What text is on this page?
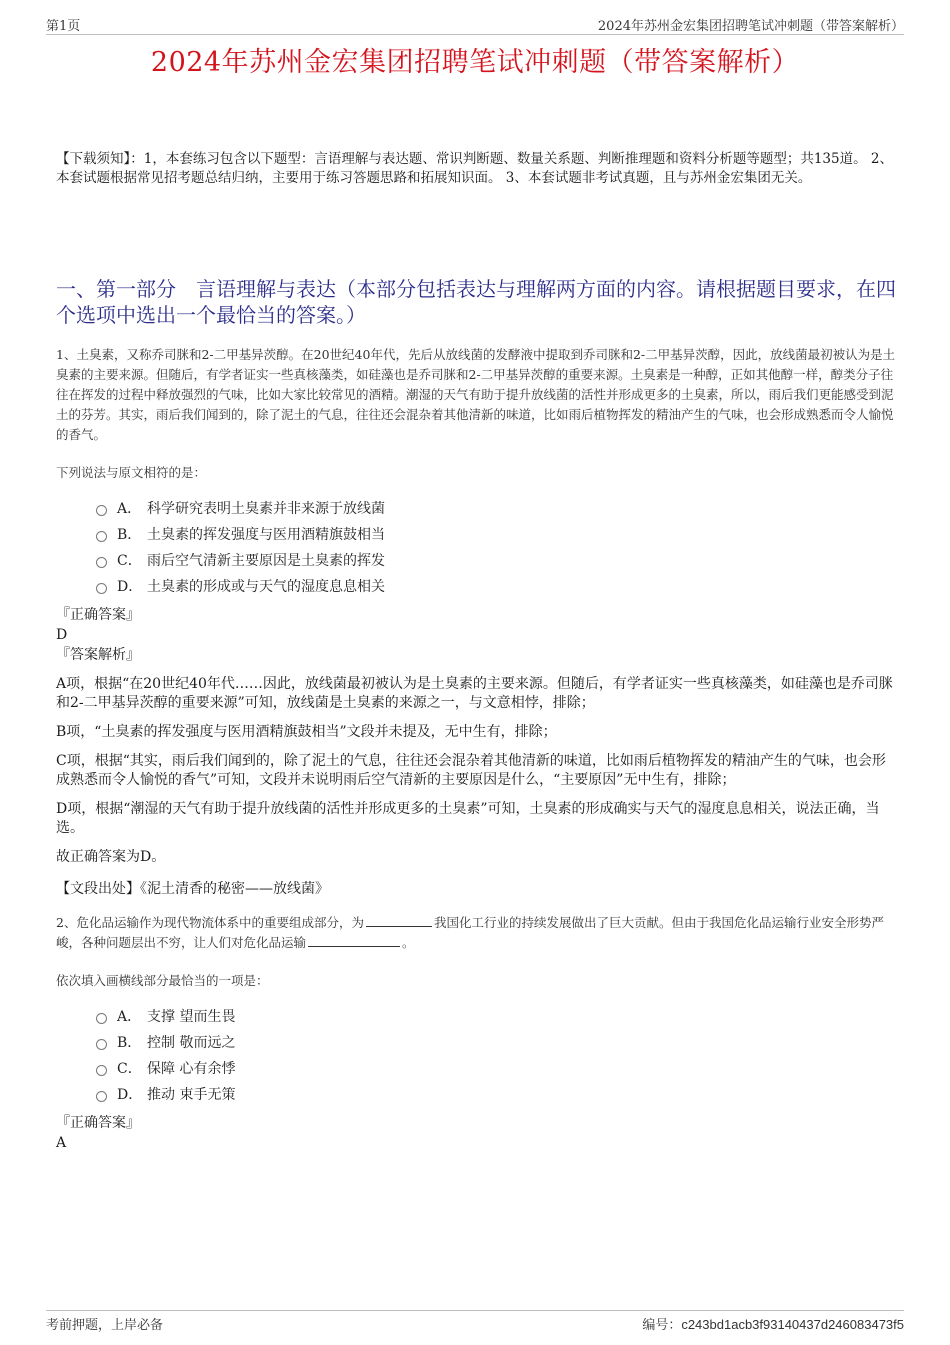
第1页	2024年苏州金宏集团招聘笔试冲刺题（带答案解析）
2024年苏州金宏集团招聘笔试冲刺题（带答案解析）
【下载须知】：1，本套练习包含以下题型：言语理解与表达题、常识判断题、数量关系题、判断推理题和资料分析题等题型；共135道。 2、本套试题根据常见招考题总结归纳，主要用于练习答题思路和拓展知识面。 3、本套试题非考试真题，且与苏州金宏集团无关。
一、第一部分　言语理解与表达（本部分包括表达与理解两方面的内容。请根据题目要求，在四个选项中选出一个最恰当的答案。）

1、土臭素，又称乔司脒和2-二甲基异茨醇。在20世纪40年代，先后从放线菌的发酵液中提取到乔司脒和2-二甲基异茨醇，因此，放线菌最初被认为是土臭素的主要来源。但随后，有学者证实一些真核藻类，如硅藻也是乔司脒和2-二甲基异茨醇的重要来源。土臭素是一种醇，正如其他醇一样，醇类分子往往在挥发的过程中释放强烈的气味，比如大家比较常见的酒精。潮湿的天气有助于提升放线菌的活性并形成更多的土臭素，所以，雨后我们更能感受到泥土的芬芳。其实，雨后我们闻到的，除了泥土的气息，往往还会混杂着其他清新的味道，比如雨后植物挥发的精油产生的气味，也会形成熟悉而令人愉悦的香气。

下列说法与原文相符的是：

A． 科学研究表明土臭素并非来源于放线菌
B． 土臭素的挥发强度与医用酒精旗鼓相当
C． 雨后空气清新主要原因是土臭素的挥发
D． 土臭素的形成或与天气的湿度息息相关
『正确答案』
D
『答案解析』

A项，根据“在20世纪40年代……因此，放线菌最初被认为是土臭素的主要来源。但随后，有学者证实一些真核藻类，如硅藻也是乔司脒和2-二甲基异茨醇的重要来源”可知，放线菌是土臭素的来源之一，与文意相悖，排除；

B项，“土臭素的挥发强度与医用酒精旗鼓相当”文段并未提及，无中生有，排除；

C项，根据“其实，雨后我们闻到的，除了泥土的气息，往往还会混杂着其他清新的味道，比如雨后植物挥发的精油产生的气味，也会形成熟悉而令人愉悦的香气”可知，文段并未说明雨后空气清新的主要原因是什么，“主要原因”无中生有，排除；

D项，根据“潮湿的天气有助于提升放线菌的活性并形成更多的土臭素”可知，土臭素的形成确实与天气的湿度息息相关，说法正确，当选。

故正确答案为D。

【文段出处】《泥土清香的秘密——放线菌》

2、危化品运输作为现代物流体系中的重要组成部分，为	我国化工行业的持续发展做出了巨大贡献。但由于我国危化品运输行业安全形势严峻，各种问题层出不穷，让人们对危化品运输	。

依次填入画横线部分最恰当的一项是：

A． 支撑 望而生畏
B． 控制 敬而远之
C． 保障 心有余悸
D． 推动 束手无策
『正确答案』
A
考前押题，上岸必备	编号：c243bd1acb3f93140437d246083473f5
